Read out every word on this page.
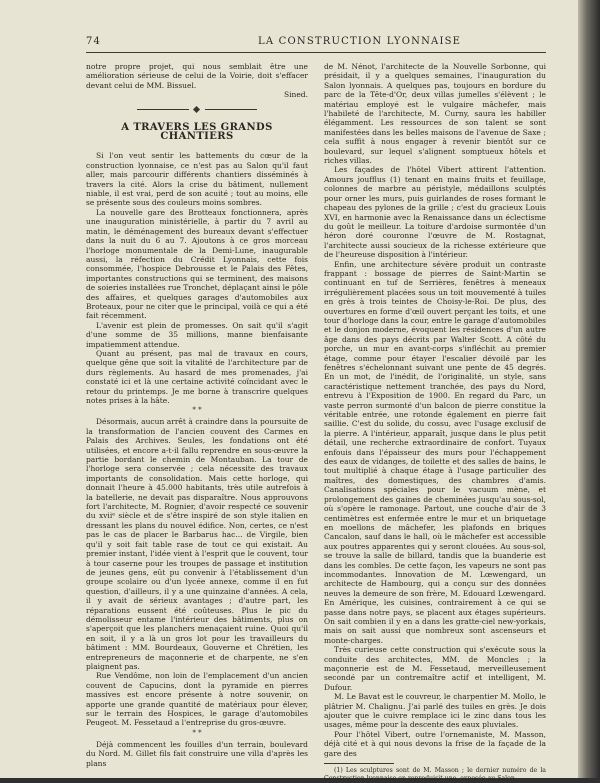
74	LA CONSTRUCTION LYONNAISE

notre propre projet, qui nous semblait être une amélioration sérieuse de celui de la Voirie, doit s'effacer devant celui de MM. Bissuel.

Sined.

A TRAVERS LES GRANDS CHANTIERS

Si l'on veut sentir les battements du cœur de la construction lyonnaise, ce n'est pas au Salon qu'il faut aller, mais parcourir différents chantiers disséminés à travers la cité. Alors la crise du bâtiment, nullement niable, il est vrai, perd de son acuité ; tout au moins, elle se présente sous des couleurs moins sombres.

La nouvelle gare des Brotteaux fonctionnera, après une inauguration ministérielle, à partir du 7 avril au matin, le déménagement des bureaux devant s'effectuer dans la nuit du 6 au 7. Ajoutons à ce gros morceau l'horloge monumentale de la Demi-Lune, inaugurable aussi, la réfection du Crédit Lyonnais, cette fois consommée, l'hospice Debrousse et le Palais des Fêtes, importantes constructions qui se terminent, des maisons de soieries installées rue Tronchet, déplaçant ainsi le pôle des affaires, et quelques garages d'automobiles aux Broteaux, pour ne citer que le principal, voilà ce qui a été fait récemment.

L'avenir est plein de promesses. On sait qu'il s'agit d'une somme de 35 millions, manne bienfaisante impatiemment attendue.

Quant au présent, pas mal de travaux en cours, quelque gêne que soit la vitalité de l'architecture par de durs règlements. Au hasard de mes promenades, j'ai constaté ici et là une certaine activité coïncidant avec le retour du printemps. Je me borne à transcrire quelques notes prises à la hâte.

* *

Désormais, aucun arrêt à craindre dans la poursuite de la transformation de l'ancien couvent des Carmes en Palais des Archives. Seules, les fondations ont été utilisées, et encore a-t-il fallu reprendre en sous-œuvre la partie bordant le chemin de Montauban. La tour de l'horloge sera conservée ; cela nécessite des travaux importants de consolidation. Mais cette horloge, qui donnait l'heure à 45.000 habitants, très utile autrefois à la batellerie, ne devait pas disparaître. Nous approuvons fort l'architecte, M. Rognier, d'avoir respecté ce souvenir du xviiᵉ siècle et de s'être inspiré de son style italien en dressant les plans du nouvel édifice. Non, certes, ce n'est pas le cas de placer le Barbarus hac... de Virgile, bien qu'il y soit fait table rase de tout ce qui existait. Au premier instant, l'idée vient à l'esprit que le couvent, tour à tour caserne pour les troupes de passage et institution de jeunes gens, eût pu convenir à l'établissement d'un groupe scolaire ou d'un lycée annexe, comme il en fut question, d'ailleurs, il y a une quinzaine d'années. A cela, il y avait de sérieux avantages ; d'autre part, les réparations eussent été coûteuses. Plus le pic du démolisseur entame l'intérieur des bâtiments, plus on s'aperçoit que les planchers menaçaient ruine. Quoi qu'il en soit, il y a là un gros lot pour les travailleurs du bâtiment : MM. Bourdeaux, Gouverne et Chrétien, les entrepreneurs de maçonnerie et de charpente, ne s'en plaignent pas.

Rue Vendôme, non loin de l'emplacement d'un ancien couvent de Capucins, dont la pyramide en pierres massives est encore présente à notre souvenir, on apporte une grande quantité de matériaux pour élever, sur le terrain des Hospices, le garage d'automobiles Peugeot. M. Fessetaud a l'entreprise du gros-œuvre.

* *

Déjà commencent les fouilles d'un terrain, boulevard du Nord. M. Gillet fils fait construire une villa d'après les plans

de M. Nénot, l'architecte de la Nouvelle Sorbonne, qui présidait, il y a quelques semaines, l'inauguration du Salon lyonnais. A quelques pas, toujours en bordure du parc de la Tête-d'Or, deux villas jumelles s'élèvent ; le matériau employé est le vulgaire mâchefer, mais l'habileté de l'architecte, M. Curny, saura les habiller élégamment. Les ressources de son talent se sont manifestées dans les belles maisons de l'avenue de Saxe ; cela suffit à nous engager à revenir bientôt sur ce boulevard, sur lequel s'alignent somptueux hôtels et riches villas.

Les façades de l'hôtel Vibert attirent l'attention. Amours joufflus (1) tenant en mains fruits et feuillage, colonnes de marbre au péristyle, médaillons sculptés pour orner les murs, puis guirlandes de roses formant le chapeau des pylones de la grille ; c'est du gracieux Louis XVI, en harmonie avec la Renaissance dans un éclectisme du goût le meilleur. La toiture d'ardoise surmontée d'un héron doré couronne l'œuvre de M. Rostagnat, l'architecte aussi soucieux de la richesse extérieure que de l'heureuse disposition à l'intérieur.

Enfin, une architecture sévère produit un contraste frappant : bossage de pierres de Saint-Martin se continuant en tuf de Serrières, fenêtres à meneaux irrégulièrement placées sous un toit mouvementé à tuiles en grès à trois teintes de Choisy-le-Roi. De plus, des ouvertures en forme d'œil ouvert perçant les toits, et une tour d'horloge dans la cour, entre le garage d'automobiles et le donjon moderne, évoquent les résidences d'un autre âge dans des pays décrits par Walter Scott. A côté du porche, un mur en avant-corps s'infléchit au premier étage, comme pour étayer l'escalier dévoilé par les fenêtres s'échelonnant suivant une pente de 45 degrés. En un mot, de l'inédit, de l'originalité, un style, sans caractéristique nettement tranchée, des pays du Nord, entrevu à l'Exposition de 1900. En regard du Parc, un vaste perron surmonté d'un balcon de pierre constitue la véritable entrée, une rotonde également en pierre fait saillie. C'est du solide, du cossu, avec l'usage exclusif de la pierre. A l'intérieur, apparaît, jusque dans le plus petit détail, une recherche extraordinaire de confort. Tuyaux enfouis dans l'épaisseur des murs pour l'échappement des eaux de vidanges, de toilette et des salles de bains, le tout multiplié à chaque étage à l'usage particulier des maîtres, des domestiques, des chambres d'amis. Canalisations spéciales pour le vacuum mène, et prolongement des gaines de cheminées jusqu'au sous-sol, où s'opère le ramonage. Partout, une couche d'air de 3 centimètres est enfermée entre le mur et un briquetage en moellons de mâchefer, les plafonds en briques Cancalon, sauf dans le hall, où le mâchefer est accessible aux poutres apparentes qui y seront clouées. Au sous-sol, se trouve la salle de billard, tandis que la buanderie est dans les combles. De cette façon, les vapeurs ne sont pas incommodantes. Innovation de M. Lœwengard, un architecte de Hambourg, qui a conçu sur des données neuves la demeure de son frère, M. Edouard Lœwengard. En Amérique, les cuisines, contrairement à ce qui se passe dans notre pays, se placent aux étages supérieurs. On sait combien il y en a dans les gratte-ciel new-yorkais, mais on sait aussi que nombreux sont ascenseurs et monte-charges.

Très curieuse cette construction qui s'exécute sous la conduite des architectes, MM. de Moncles ; la maçonnerie est de M. Fessetaud, merveilleusement secondé par un contremaître actif et intelligent, M. Dufour.

M. Le Bavat est le couvreur, le charpentier M. Mollo, le plâtrier M. Chalignu. J'ai parlé des tuiles en grès. Je dois ajouter que le cuivre remplace ici le zinc dans tous les usages, même pour la descente des eaux pluviales.

Pour l'hôtel Vibert, outre l'ornemaniste, M. Masson, déjà cité et à qui nous devons la frise de la façade de la gare des

(1) Les sculptures sont de M. Masson ; le dernier numéro de la Construction lyonnaise en reproduisit une, exposée au Salon.
